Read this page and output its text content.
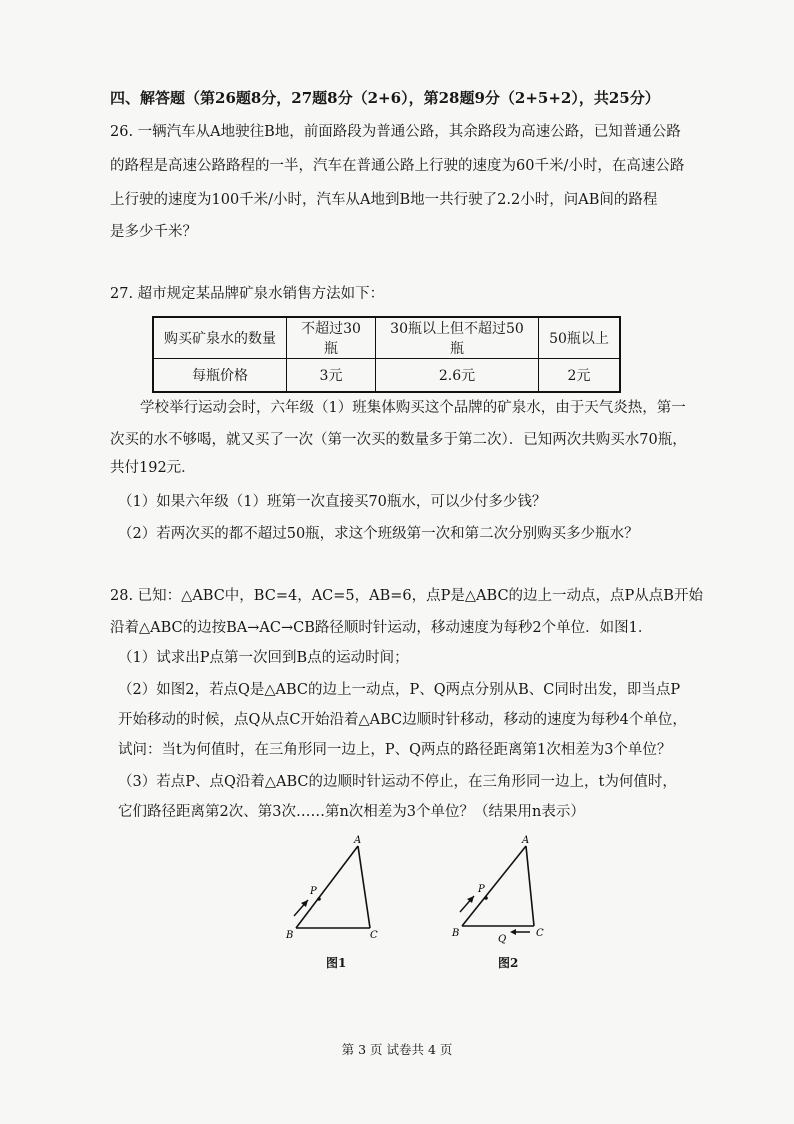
四、解答题（第26题8分，27题8分（2+6），第28题9分（2+5+2），共25分）
26. 一辆汽车从A地驶往B地，前面路段为普通公路，其余路段为高速公路，已知普通公路
的路程是高速公路路程的一半，汽车在普通公路上行驶的速度为60千米/小时，在高速公路
上行驶的速度为100千米/小时，汽车从A地到B地一共行驶了2.2小时，问AB间的路程
是多少千米？
27. 超市规定某品牌矿泉水销售方法如下：
购买矿泉水的数量	不超过30瓶	30瓶以上但不超过50瓶	50瓶以上
每瓶价格	3元	2.6元	2元
学校举行运动会时，六年级（1）班集体购买这个品牌的矿泉水，由于天气炎热，第一
次买的水不够喝，就又买了一次（第一次买的数量多于第二次）．已知两次共购买水70瓶，
共付192元．
（1）如果六年级（1）班第一次直接买70瓶水，可以少付多少钱？
（2）若两次买的都不超过50瓶，求这个班级第一次和第二次分别购买多少瓶水？
28. 已知：△ABC中，BC=4，AC=5，AB=6，点P是△ABC的边上一动点，点P从点B开始
沿着△ABC的边按BA→AC→CB路径顺时针运动，移动速度为每秒2个单位．如图1．
（1）试求出P点第一次回到B点的运动时间；
（2）如图2，若点Q是△ABC的边上一动点，P、Q两点分别从B、C同时出发，即当点P
开始移动的时候，点Q从点C开始沿着△ABC边顺时针移动，移动的速度为每秒4个单位，
试问：当t为何值时，在三角形同一边上，P、Q两点的路径距离第1次相差为3个单位？
（3）若点P、点Q沿着△ABC的边顺时针运动不停止，在三角形同一边上，t为何值时，
它们路径距离第2次、第3次……第n次相差为3个单位？（结果用n表示）
A
B	C
P
图1
A
B	C
P
Q
图2
第 3 页 试卷共 4 页
